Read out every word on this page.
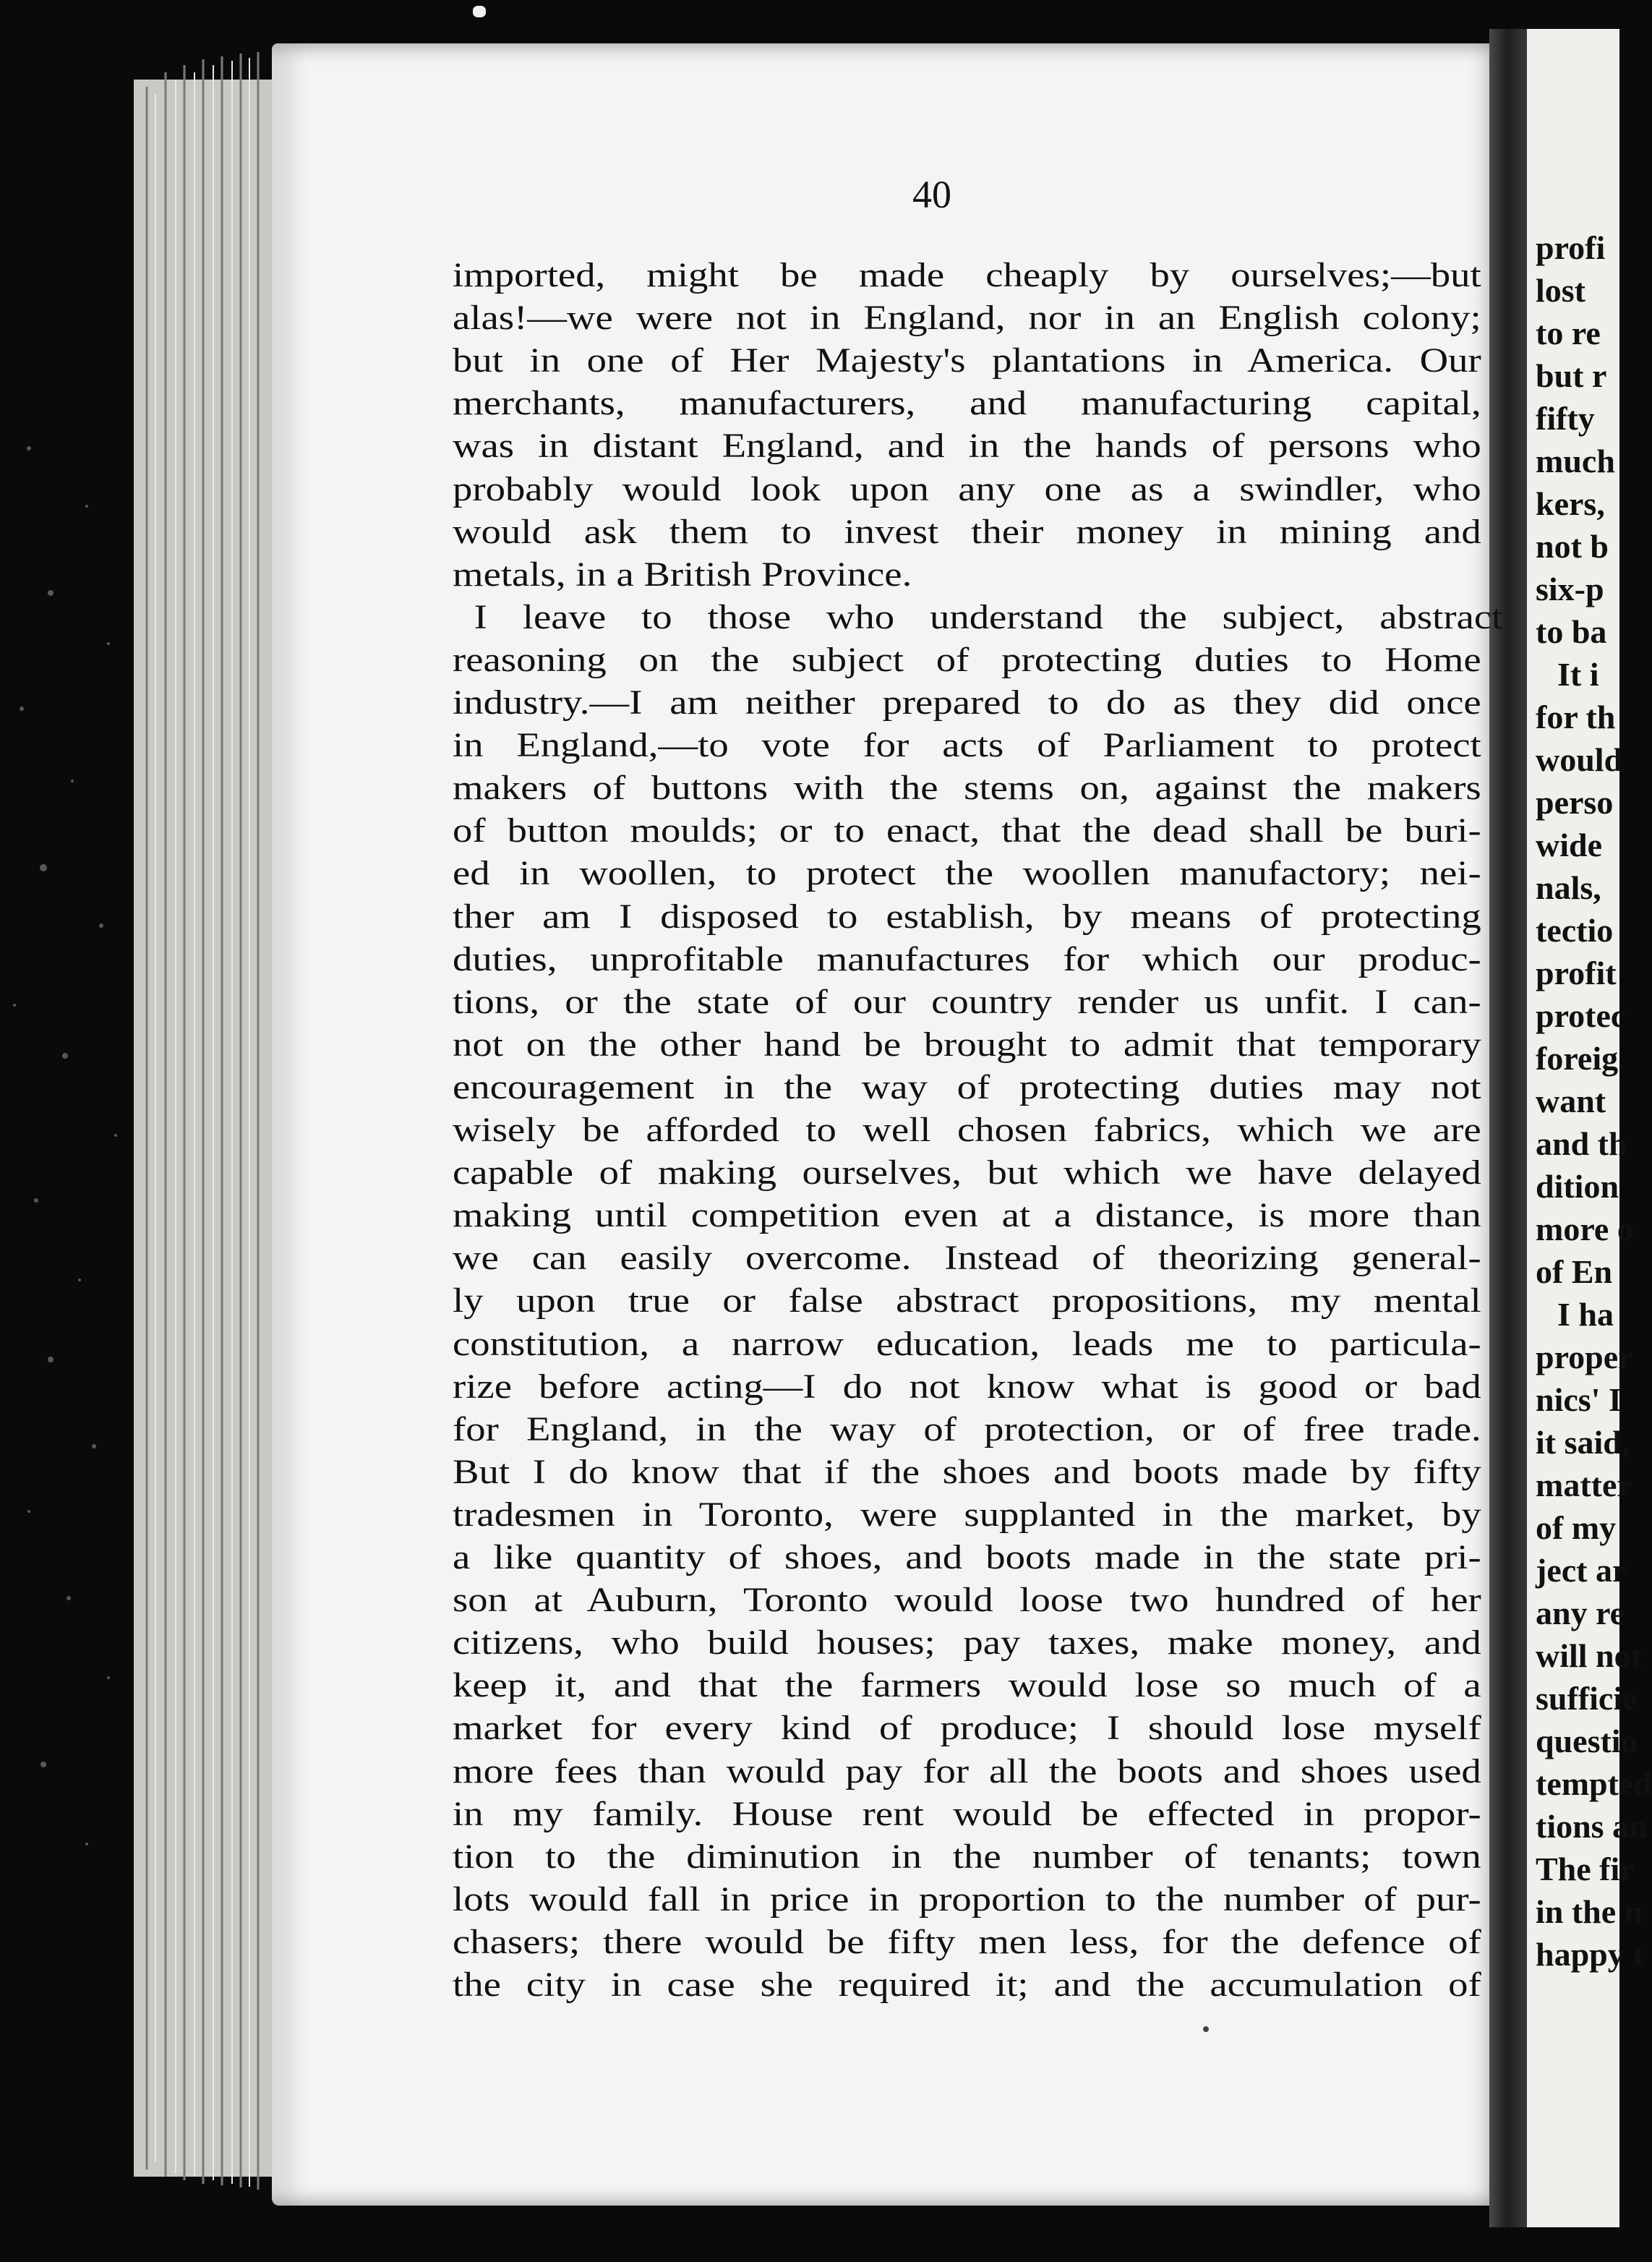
profi
lost
to re
but r
fifty
much
kers,
not b
six-p
to ba
It i
for th
would
perso
wide
nals,
tectio
profit
protec
foreig
want
and th
dition
more o
of En
I ha
proper
nics' I
it said,
matter
of my
ject ar
any re
will not
sufficie
questio
tempted
tions an
The fir
in the n
happy t
40
imported, might be made cheaply by ourselves;—but
alas!—we were not in England, nor in an English colony;
but in one of Her Majesty's plantations in America. Our
merchants, manufacturers, and manufacturing capital,
was in distant England, and in the hands of persons who
probably would look upon any one as a swindler, who
would ask them to invest their money in mining and
metals, in a British Province.
I leave to those who understand the subject, abstract
reasoning on the subject of protecting duties to Home
industry.—I am neither prepared to do as they did once
in England,—to vote for acts of Parliament to protect
makers of buttons with the stems on, against the makers
of button moulds; or to enact, that the dead shall be buri-
ed in woollen, to protect the woollen manufactory; nei-
ther am I disposed to establish, by means of protecting
duties, unprofitable manufactures for which our produc-
tions, or the state of our country render us unfit. I can-
not on the other hand be brought to admit that temporary
encouragement in the way of protecting duties may not
wisely be afforded to well chosen fabrics, which we are
capable of making ourselves, but which we have delayed
making until competition even at a distance, is more than
we can easily overcome. Instead of theorizing general-
ly upon true or false abstract propositions, my mental
constitution, a narrow education, leads me to particula-
rize before acting—I do not know what is good or bad
for England, in the way of protection, or of free trade.
But I do know that if the shoes and boots made by fifty
tradesmen in Toronto, were supplanted in the market, by
a like quantity of shoes, and boots made in the state pri-
son at Auburn, Toronto would loose two hundred of her
citizens, who build houses; pay taxes, make money, and
keep it, and that the farmers would lose so much of a
market for every kind of produce; I should lose myself
more fees than would pay for all the boots and shoes used
in my family. House rent would be effected in propor-
tion to the diminution in the number of tenants; town
lots would fall in price in proportion to the number of pur-
chasers; there would be fifty men less, for the defence of
the city in case she required it; and the accumulation of
